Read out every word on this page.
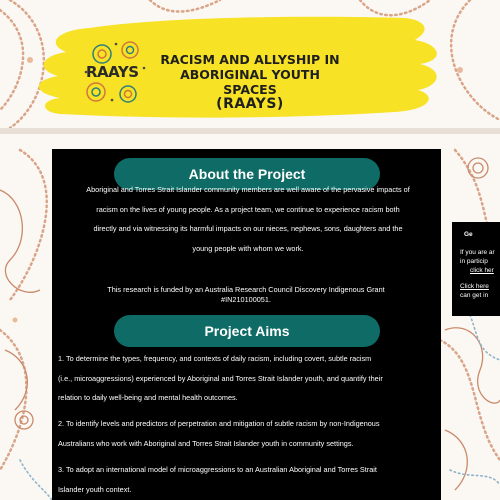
RAAYS
RACISM AND ALLYSHIP IN
ABORIGINAL YOUTH SPACES
(RAAYS)
About the Project
Aboriginal and Torres Strait Islander community members are well aware of the pervasive impacts of
racism on the lives of young people. As a project team, we continue to experience racism both
directly and via witnessing its harmful impacts on our nieces, nephews, sons, daughters and the
young people with whom we work.
This research is funded by an Australia Research Council Discovery Indigenous Grant
#IN210100051.
Project Aims
1. To determine the types, frequency, and contexts of daily racism, including covert, subtle racism
(i.e., microaggressions) experienced by Aboriginal and Torres Strait Islander youth, and quantify their
relation to daily well-being and mental health outcomes.
2. To identify levels and predictors of perpetration and mitigation of subtle racism by non-Indigenous
Australians who work with Aboriginal and Torres Strait Islander youth in community settings.
3. To adopt an international model of microaggressions to an Australian Aboriginal and Torres Strait
Islander youth context.
Ge
If you are ar
in particip
click her
Click here
can get in
